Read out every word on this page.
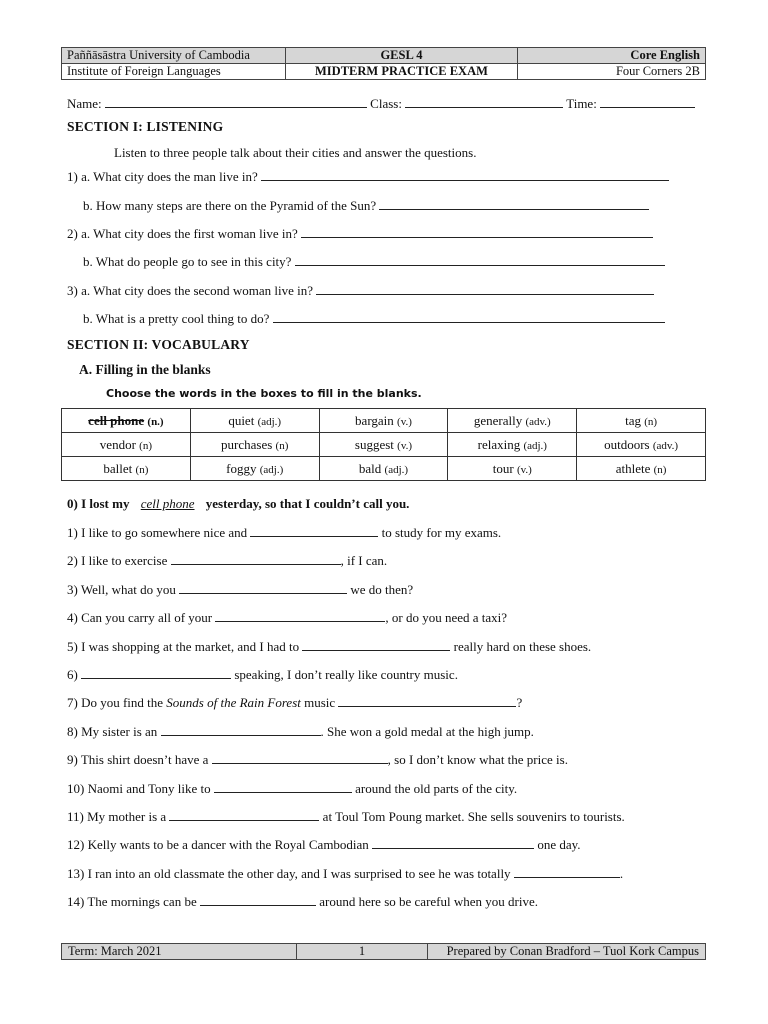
Paññāsāstra University of Cambodia	GESL 4	Core English
Institute of Foreign Languages	MIDTERM PRACTICE EXAM	Four Corners 2B
Name:	Class:	Time:
SECTION I: LISTENING
Listen to three people talk about their cities and answer the questions.
1) a. What city does the man live in?
b. How many steps are there on the Pyramid of the Sun?
2) a. What city does the first woman live in?
b. What do people go to see in this city?
3) a. What city does the second woman live in?
b. What is a pretty cool thing to do?
SECTION II: VOCABULARY
A. Filling in the blanks
Choose the words in the boxes to fill in the blanks.
cell phone (n.)	quiet (adj.)	bargain (v.)	generally (adv.)	tag (n)
vendor (n)	purchases (n)	suggest (v.)	relaxing (adj.)	outdoors (adv.)
ballet (n)	foggy (adj.)	bald (adj.)	tour (v.)	athlete (n)
0) I lost my cell phone yesterday, so that I couldn’t call you.
1) I like to go somewhere nice and	to study for my exams.
2) I like to exercise	, if I can.
3) Well, what do you	we do then?
4) Can you carry all of your	, or do you need a taxi?
5) I was shopping at the market, and I had to	really hard on these shoes.
6)	speaking, I don’t really like country music.
7) Do you find the Sounds of the Rain Forest music	?
8) My sister is an	. She won a gold medal at the high jump.
9) This shirt doesn’t have a	, so I don’t know what the price is.
10) Naomi and Tony like to	around the old parts of the city.
11) My mother is a	at Toul Tom Poung market. She sells souvenirs to tourists.
12) Kelly wants to be a dancer with the Royal Cambodian	one day.
13) I ran into an old classmate the other day, and I was surprised to see he was totally	.
14) The mornings can be	around here so be careful when you drive.
Term: March 2021	1	Prepared by Conan Bradford – Tuol Kork Campus
